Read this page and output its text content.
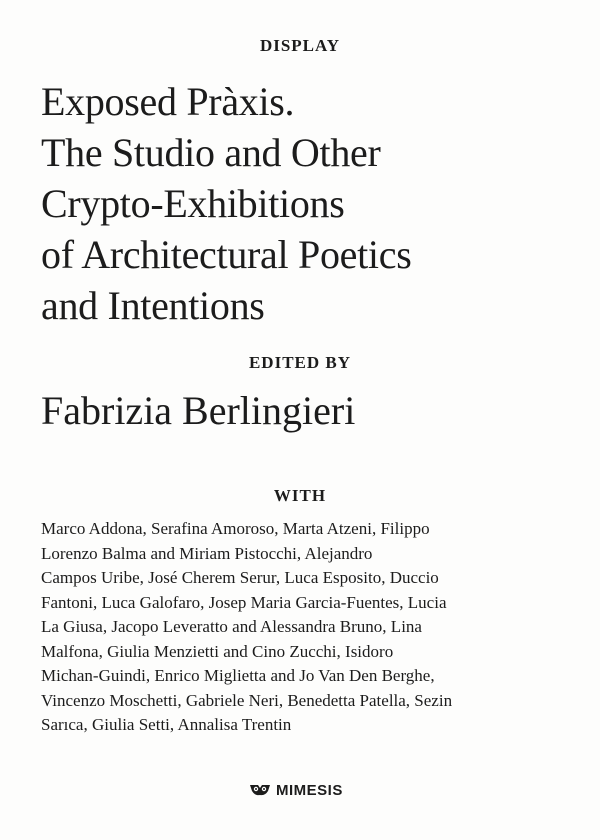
DISPLAY
Exposed Pràxis.
The Studio and Other
Crypto-Exhibitions
of Architectural Poetics
and Intentions
EDITED BY
Fabrizia Berlingieri
WITH
Marco Addona, Serafina Amoroso, Marta Atzeni, Filippo
Lorenzo Balma and Miriam Pistocchi, Alejandro
Campos Uribe, José Cherem Serur, Luca Esposito, Duccio
Fantoni, Luca Galofaro, Josep Maria Garcia-Fuentes, Lucia
La Giusa, Jacopo Leveratto and Alessandra Bruno, Lina
Malfona, Giulia Menzietti and Cino Zucchi, Isidoro
Michan-Guindi, Enrico Miglietta and Jo Van Den Berghe,
Vincenzo Moschetti, Gabriele Neri, Benedetta Patella, Sezin
Sarıca, Giulia Setti, Annalisa Trentin
MIMESIS
